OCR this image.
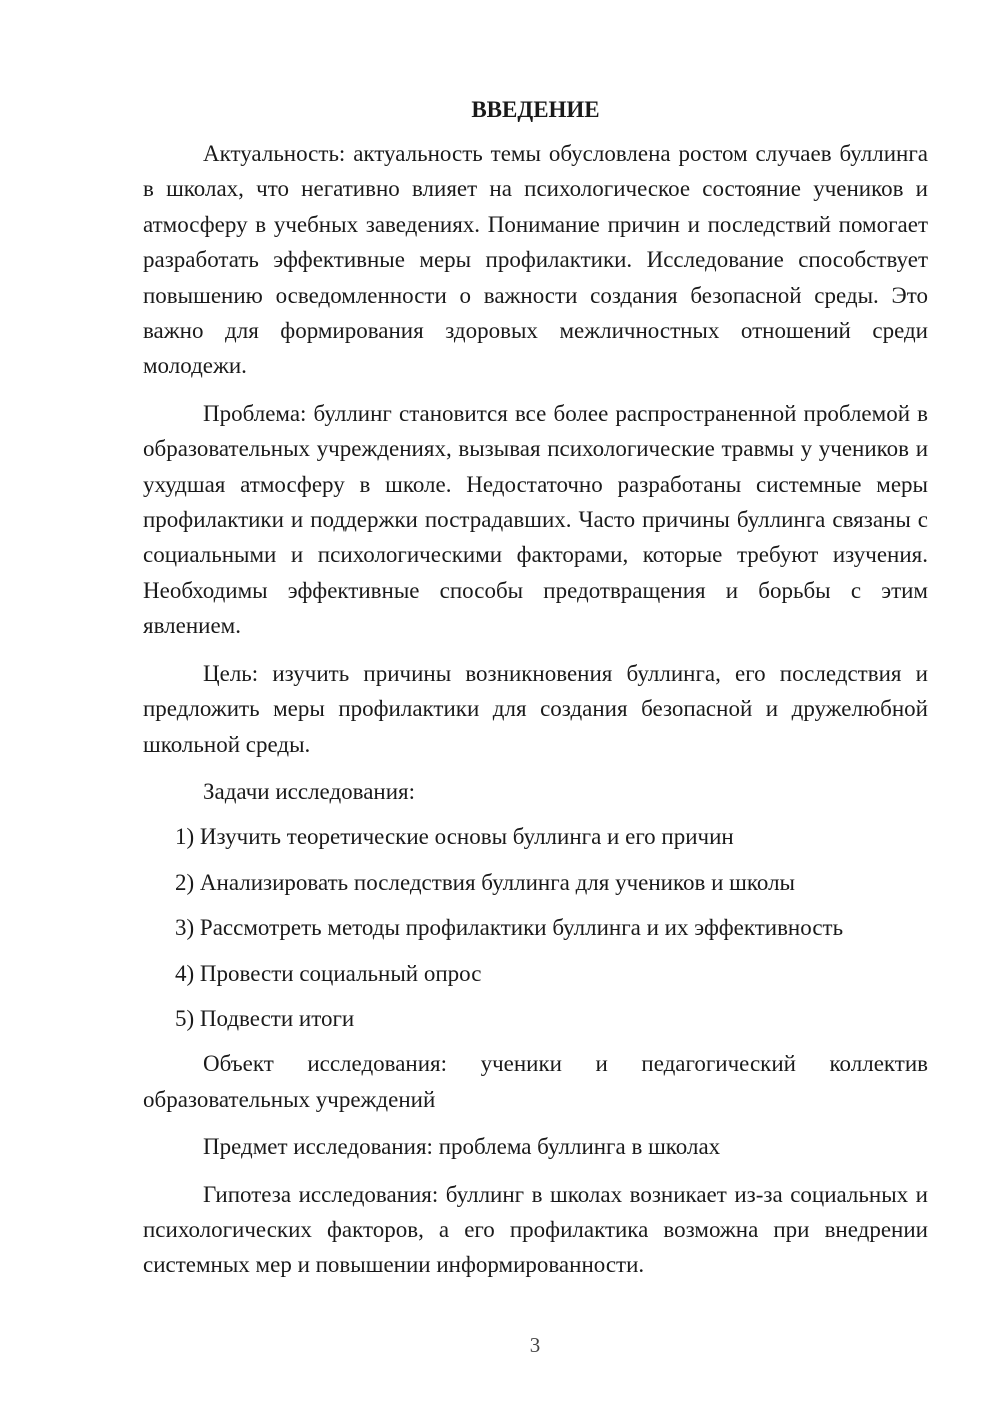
ВВЕДЕНИЕ
Актуальность: актуальность темы обусловлена ростом случаев буллинга в школах, что негативно влияет на психологическое состояние учеников и атмосферу в учебных заведениях. Понимание причин и последствий помогает разработать эффективные меры профилактики. Исследование способствует повышению осведомленности о важности создания безопасной среды. Это важно для формирования здоровых межличностных отношений среди молодежи.
Проблема: буллинг становится все более распространенной проблемой в образовательных учреждениях, вызывая психологические травмы у учеников и ухудшая атмосферу в школе. Недостаточно разработаны системные меры профилактики и поддержки пострадавших. Часто причины буллинга связаны с социальными и психологическими факторами, которые требуют изучения. Необходимы эффективные способы предотвращения и борьбы с этим явлением.
Цель: изучить причины возникновения буллинга, его последствия и предложить меры профилактики для создания безопасной и дружелюбной школьной среды.
Задачи исследования:
1) Изучить теоретические основы буллинга и его причин
2) Анализировать последствия буллинга для учеников и школы
3) Рассмотреть методы профилактики буллинга и их эффективность
4) Провести социальный опрос
5) Подвести итоги
Объект исследования: ученики и педагогический коллектив образовательных учреждений
Предмет исследования: проблема буллинга в школах
Гипотеза исследования: буллинг в школах возникает из-за социальных и психологических факторов, а его профилактика возможна при внедрении системных мер и повышении информированности.
3
